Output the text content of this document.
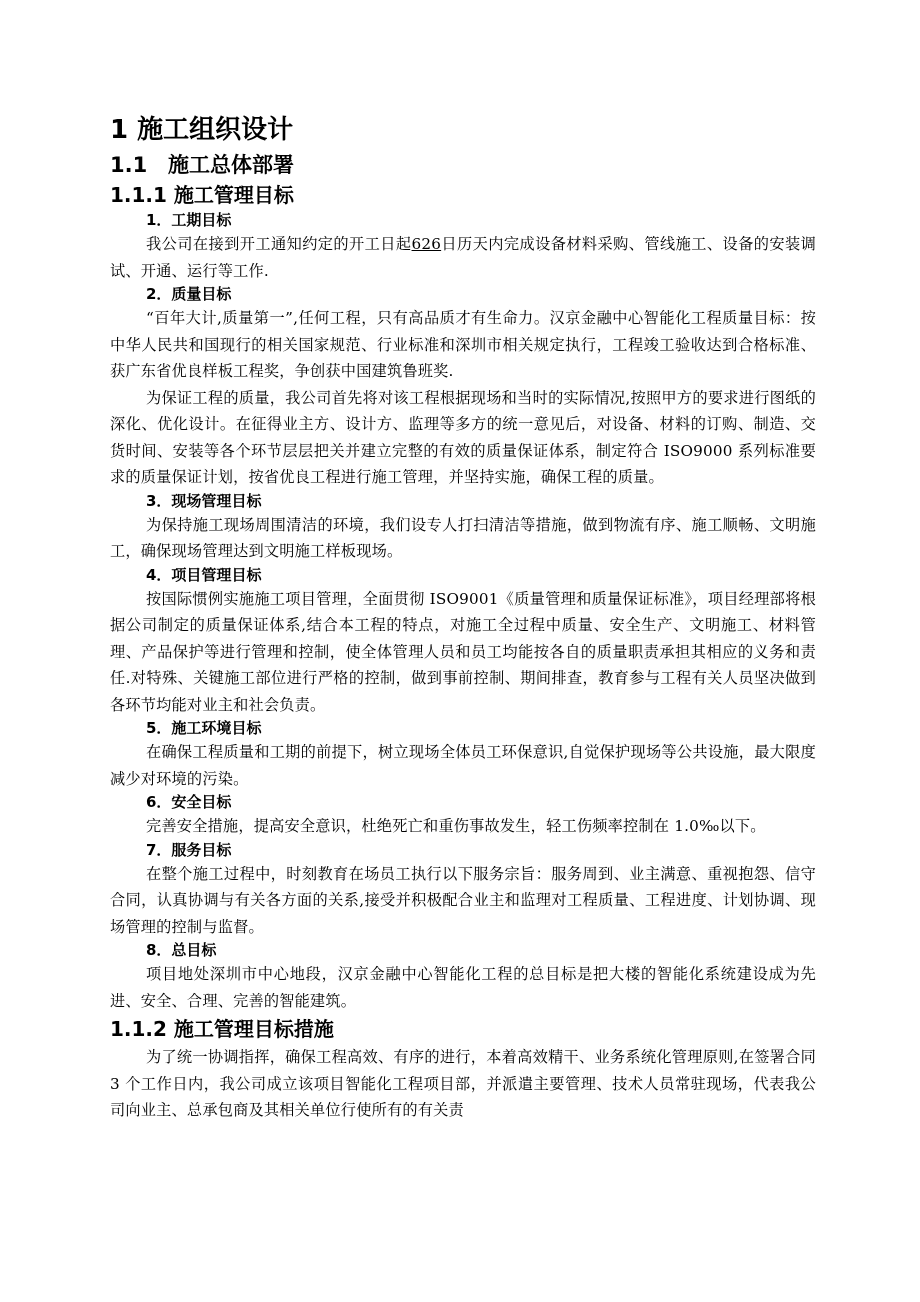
1 施工组织设计
1.1 施工总体部署
1.1.1 施工管理目标
1．工期目标

我公司在接到开工通知约定的开工日起626日历天内完成设备材料采购、管线施工、设备的安装调试、开通、运行等工作.

2．质量目标

“百年大计,质量第一”,任何工程，只有高品质才有生命力。汉京金融中心智能化工程质量目标：按中华人民共和国现行的相关国家规范、行业标准和深圳市相关规定执行，工程竣工验收达到合格标准、获广东省优良样板工程奖，争创获中国建筑鲁班奖.

为保证工程的质量，我公司首先将对该工程根据现场和当时的实际情况,按照甲方的要求进行图纸的深化、优化设计。在征得业主方、设计方、监理等多方的统一意见后，对设备、材料的订购、制造、交货时间、安装等各个环节层层把关并建立完整的有效的质量保证体系，制定符合 ISO9000 系列标准要求的质量保证计划，按省优良工程进行施工管理，并坚持实施，确保工程的质量。

3．现场管理目标

为保持施工现场周围清洁的环境，我们设专人打扫清洁等措施，做到物流有序、施工顺畅、文明施工，确保现场管理达到文明施工样板现场。

4．项目管理目标

按国际惯例实施施工项目管理，全面贯彻 ISO9001《质量管理和质量保证标准》，项目经理部将根据公司制定的质量保证体系,结合本工程的特点，对施工全过程中质量、安全生产、文明施工、材料管理、产品保护等进行管理和控制，使全体管理人员和员工均能按各自的质量职责承担其相应的义务和责任.对特殊、关键施工部位进行严格的控制，做到事前控制、期间排查，教育参与工程有关人员坚决做到各环节均能对业主和社会负责。

5．施工环境目标

在确保工程质量和工期的前提下，树立现场全体员工环保意识,自觉保护现场等公共设施，最大限度减少对环境的污染。

6．安全目标

完善安全措施，提高安全意识，杜绝死亡和重伤事故发生，轻工伤频率控制在 1.0‰以下。

7．服务目标

在整个施工过程中，时刻教育在场员工执行以下服务宗旨：服务周到、业主满意、重视抱怨、信守合同，认真协调与有关各方面的关系,接受并积极配合业主和监理对工程质量、工程进度、计划协调、现场管理的控制与监督。

8．总目标

项目地处深圳市中心地段，汉京金融中心智能化工程的总目标是把大楼的智能化系统建设成为先进、安全、合理、完善的智能建筑。

1.1.2 施工管理目标措施

为了统一协调指挥，确保工程高效、有序的进行，本着高效精干、业务系统化管理原则,在签署合同 3 个工作日内，我公司成立该项目智能化工程项目部，并派遣主要管理、技术人员常驻现场，代表我公司向业主、总承包商及其相关单位行使所有的有关责
